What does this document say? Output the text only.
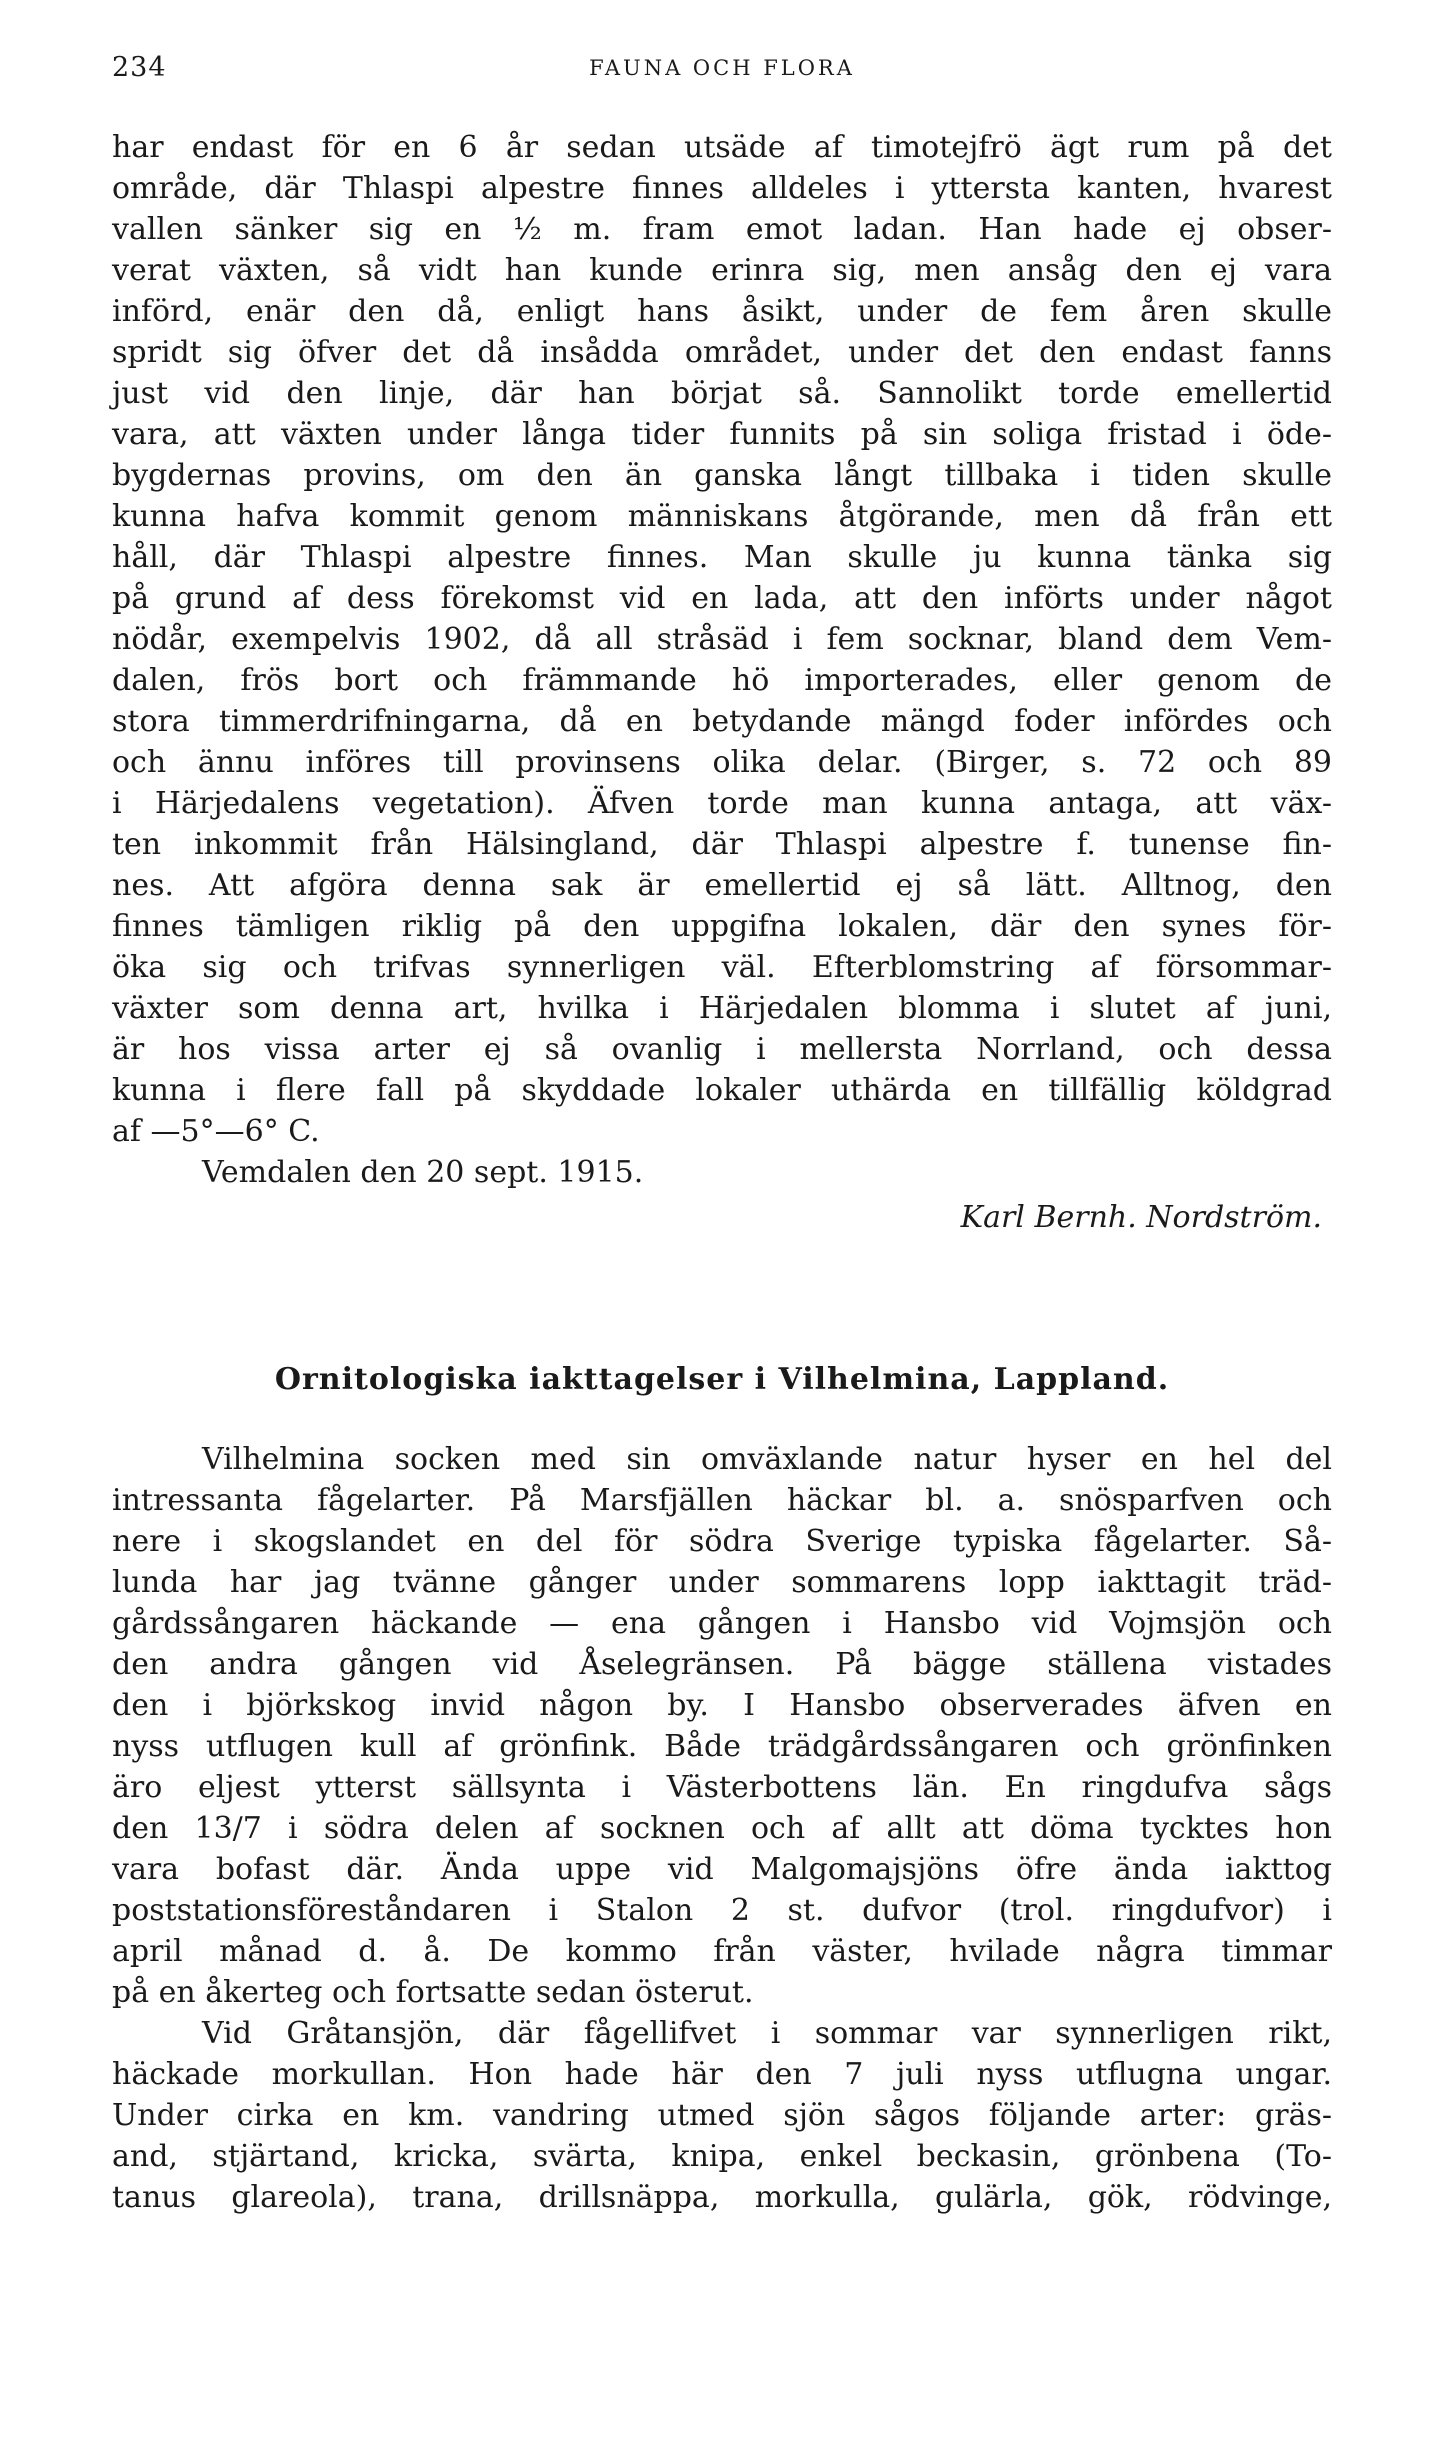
234	FAUNA OCH FLORA
har endast för en 6 år sedan utsäde af timotejfrö ägt rum på det
område, där Thlaspi alpestre finnes alldeles i yttersta kanten, hvarest
vallen sänker sig en ½ m. fram emot ladan. Han hade ej obser-
verat växten, så vidt han kunde erinra sig, men ansåg den ej vara
införd, enär den då, enligt hans åsikt, under de fem åren skulle
spridt sig öfver det då insådda området, under det den endast fanns
just vid den linje, där han börjat så. Sannolikt torde emellertid
vara, att växten under långa tider funnits på sin soliga fristad i öde-
bygdernas provins, om den än ganska långt tillbaka i tiden skulle
kunna hafva kommit genom människans åtgörande, men då från ett
håll, där Thlaspi alpestre finnes. Man skulle ju kunna tänka sig
på grund af dess förekomst vid en lada, att den införts under något
nödår, exempelvis 1902, då all stråsäd i fem socknar, bland dem Vem-
dalen, frös bort och främmande hö importerades, eller genom de
stora timmerdrifningarna, då en betydande mängd foder infördes och
och ännu införes till provinsens olika delar. (Birger, s. 72 och 89
i Härjedalens vegetation). Äfven torde man kunna antaga, att väx-
ten inkommit från Hälsingland, där Thlaspi alpestre f. tunense fin-
nes. Att afgöra denna sak är emellertid ej så lätt. Alltnog, den
finnes tämligen riklig på den uppgifna lokalen, där den synes för-
öka sig och trifvas synnerligen väl. Efterblomstring af försommar-
växter som denna art, hvilka i Härjedalen blomma i slutet af juni,
är hos vissa arter ej så ovanlig i mellersta Norrland, och dessa
kunna i flere fall på skyddade lokaler uthärda en tillfällig köldgrad
af —5°—6° C.
Vemdalen den 20 sept. 1915.
Karl Bernh. Nordström.
Ornitologiska iakttagelser i Vilhelmina, Lappland.
Vilhelmina socken med sin omväxlande natur hyser en hel del
intressanta fågelarter. På Marsfjällen häckar bl. a. snösparfven och
nere i skogslandet en del för södra Sverige typiska fågelarter. Så-
lunda har jag tvänne gånger under sommarens lopp iakttagit träd-
gårdssångaren häckande — ena gången i Hansbo vid Vojmsjön och
den andra gången vid Åselegränsen. På bägge ställena vistades
den i björkskog invid någon by. I Hansbo observerades äfven en
nyss utflugen kull af grönfink. Både trädgårdssångaren och grönfinken
äro eljest ytterst sällsynta i Västerbottens län. En ringdufva sågs
den 13/7 i södra delen af socknen och af allt att döma tycktes hon
vara bofast där. Ända uppe vid Malgomajsjöns öfre ända iakttog
poststationsföreståndaren i Stalon 2 st. dufvor (trol. ringdufvor) i
april månad d. å. De kommo från väster, hvilade några timmar
på en åkerteg och fortsatte sedan österut.
Vid Gråtansjön, där fågellifvet i sommar var synnerligen rikt,
häckade morkullan. Hon hade här den 7 juli nyss utflugna ungar.
Under cirka en km. vandring utmed sjön sågos följande arter: gräs-
and, stjärtand, kricka, svärta, knipa, enkel beckasin, grönbena (To-
tanus glareola), trana, drillsnäppa, morkulla, gulärla, gök, rödvinge,
